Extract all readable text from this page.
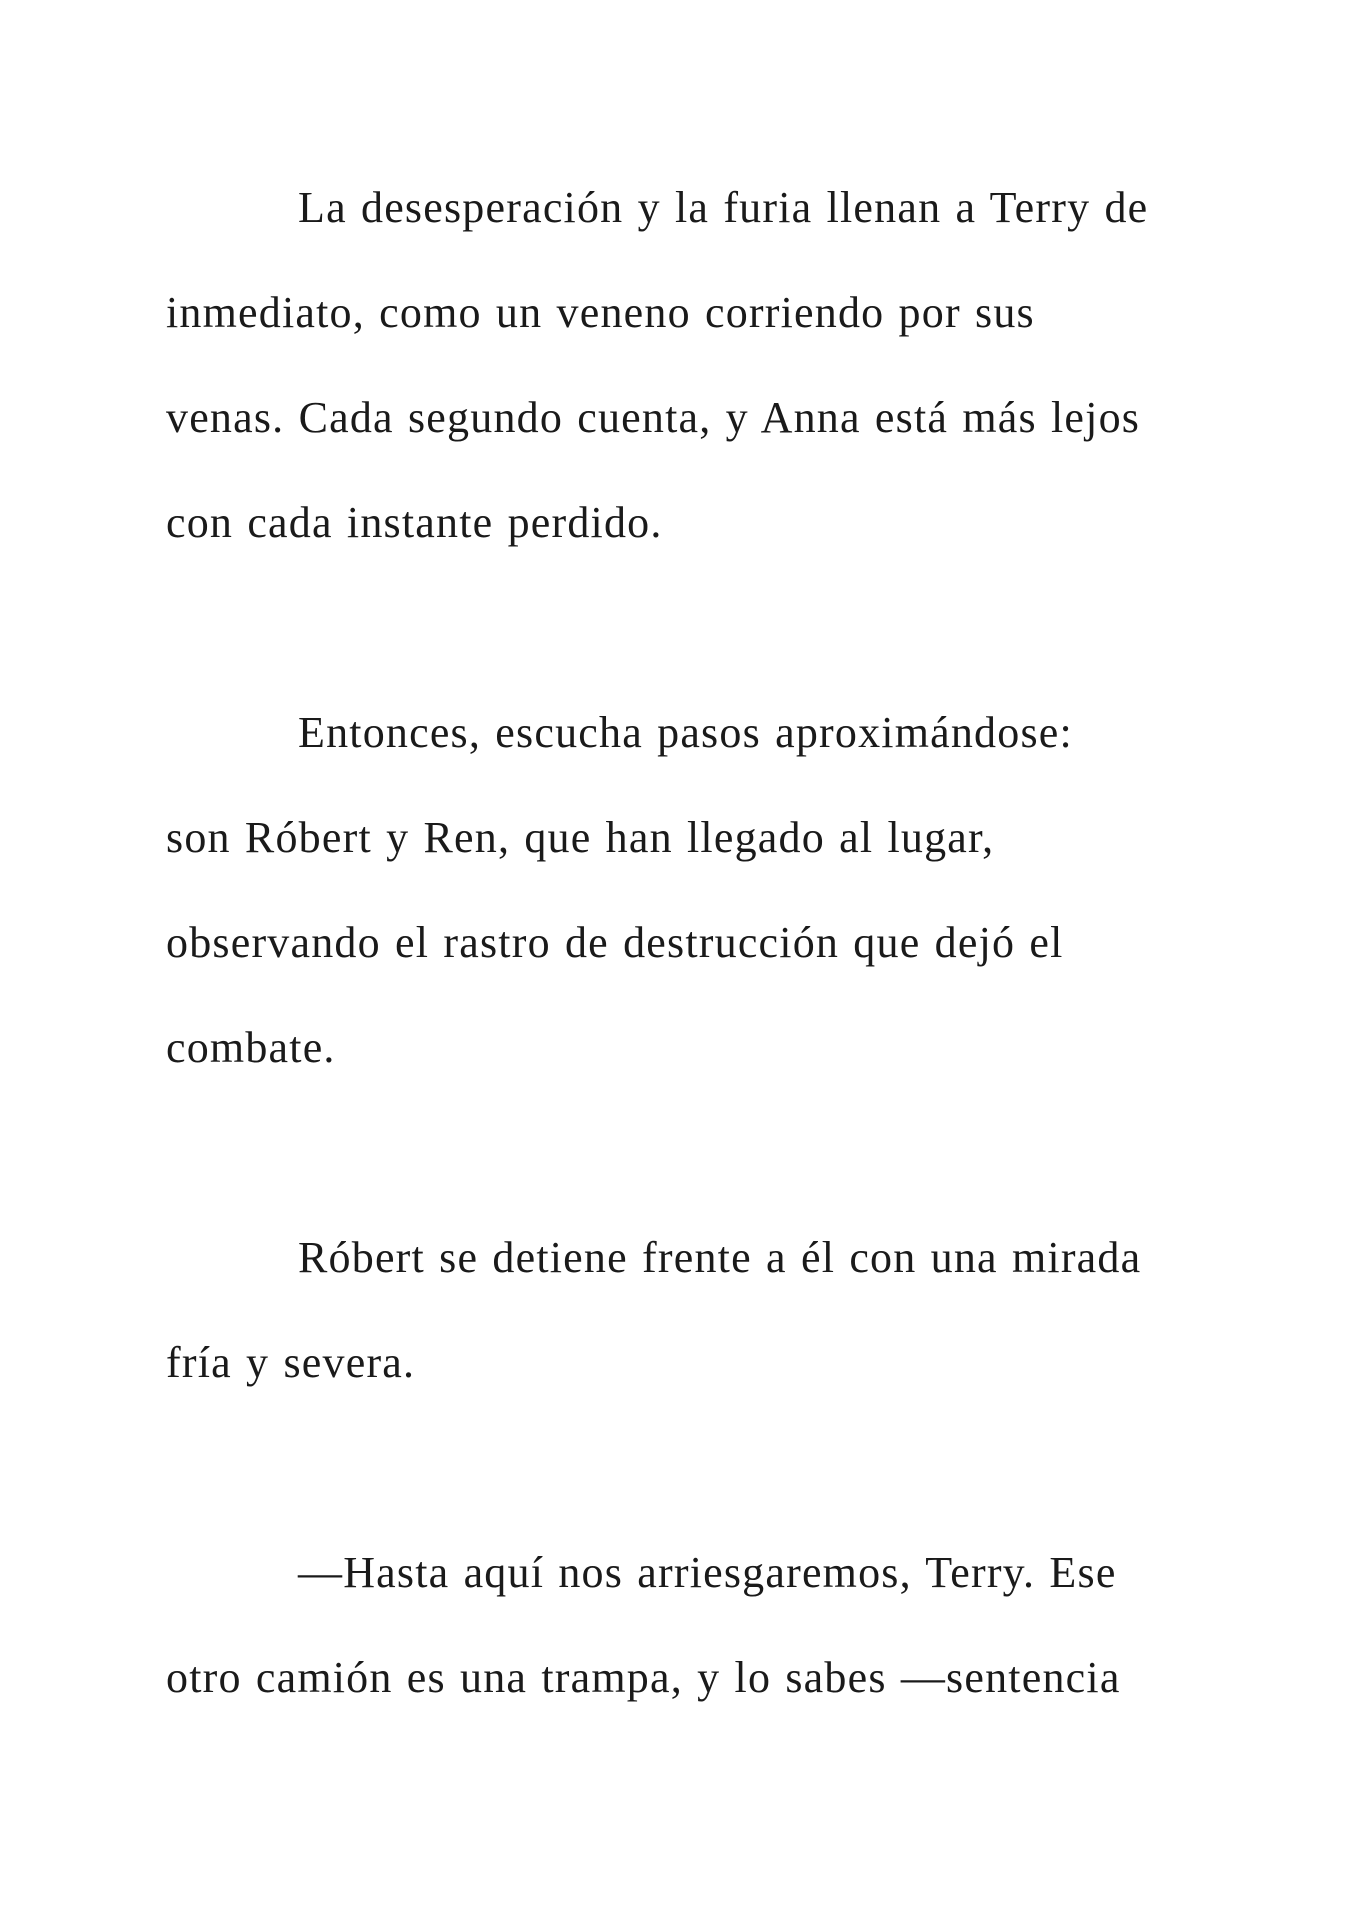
La desesperación y la furia llenan a Terry de
inmediato, como un veneno corriendo por sus
venas. Cada segundo cuenta, y Anna está más lejos
con cada instante perdido.

Entonces, escucha pasos aproximándose:
son Róbert y Ren, que han llegado al lugar,
observando el rastro de destrucción que dejó el
combate.

Róbert se detiene frente a él con una mirada
fría y severa.

—Hasta aquí nos arriesgaremos, Terry. Ese
otro camión es una trampa, y lo sabes —sentencia
